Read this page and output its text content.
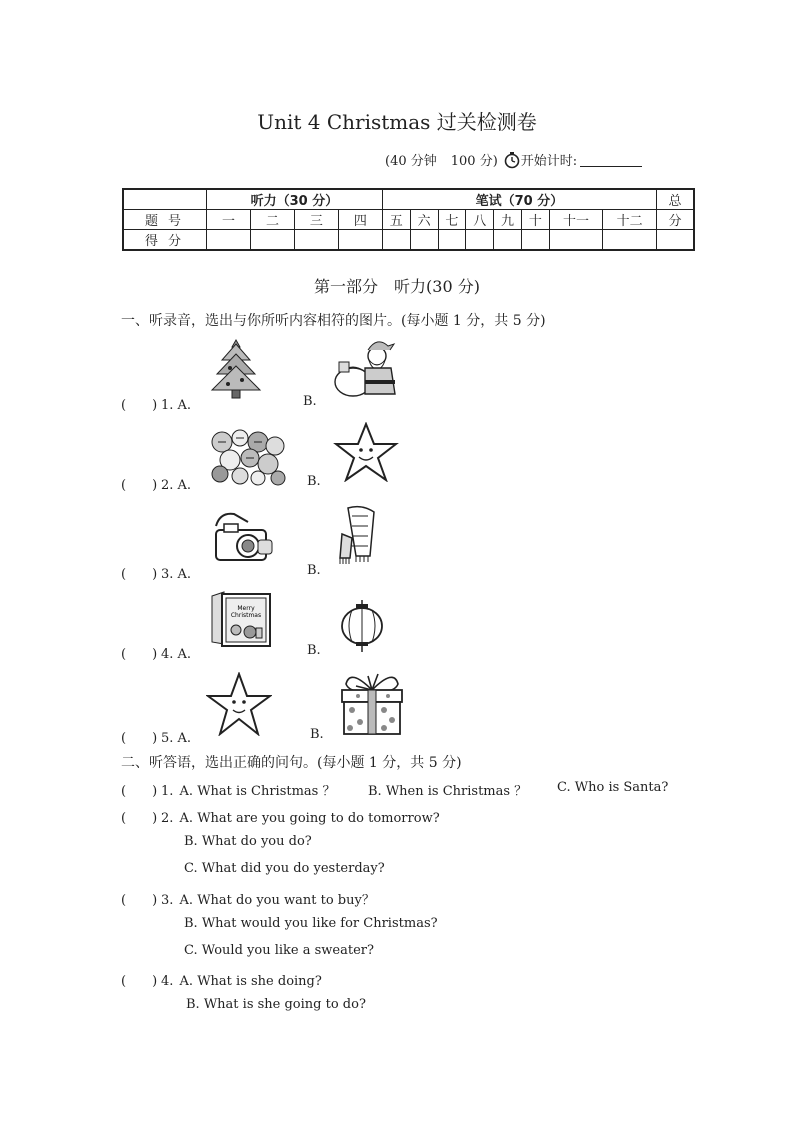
Unit 4 Christmas 过关检测卷
(40 分钟 100 分) 开始计时:
	听力（30 分）				笔试（70 分）								总
题号	一	二	三	四	五	六	七	八	九	十	十一	十二	分
得分													
第一部分　听力(30 分)
一、听录音，选出与你所听内容相符的图片。(每小题 1 分，共 5 分)
(　　) 1. A.	B.
(　　) 2. A.	B.
(　　) 3. A.	B.
(　　) 4. A.	B.
(　　) 5. A.	B.
Merry
Christmas
二、听答语，选出正确的问句。(每小题 1 分，共 5 分)
(　　) 1. A. What is Christmas ？	B. When is Christmas ？ C. Who is Santa?
(　　) 2. A. What are you going to do tomorrow?
B. What do you do?
C. What did you do yesterday?
(　　) 3. A. What do you want to buy？
B. What would you like for Christmas?
C. Would you like a sweater?
(　　) 4. A. What is she doing?
B. What is she going to do?
